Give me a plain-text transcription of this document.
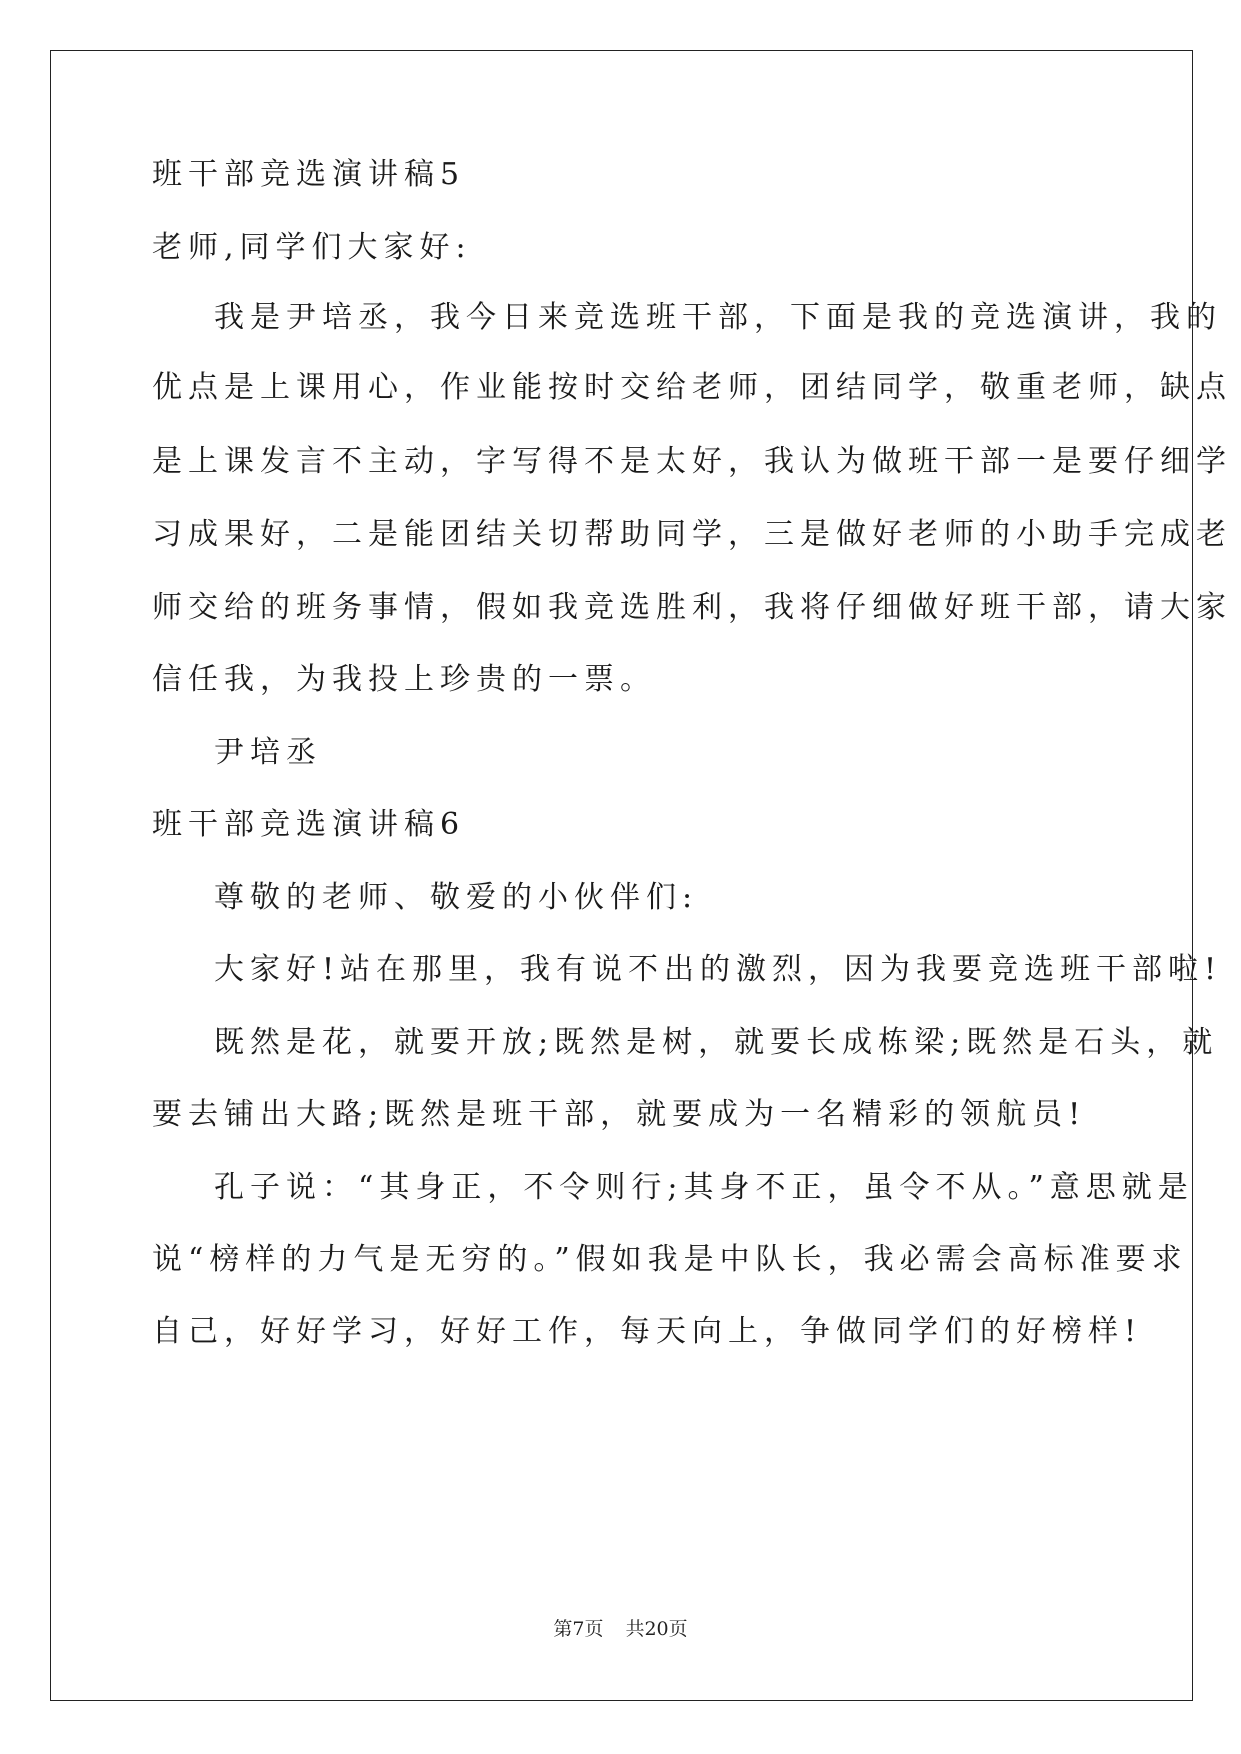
班干部竞选演讲稿5

老师,同学们大家好:

我是尹培丞，我今日来竞选班干部，下面是我的竞选演讲，我的

优点是上课用心，作业能按时交给老师，团结同学，敬重老师，缺点

是上课发言不主动，字写得不是太好，我认为做班干部一是要仔细学

习成果好，二是能团结关切帮助同学，三是做好老师的小助手完成老

师交给的班务事情，假如我竞选胜利，我将仔细做好班干部，请大家

信任我，为我投上珍贵的一票。

尹培丞

班干部竞选演讲稿6

尊敬的老师、敬爱的小伙伴们:

大家好!站在那里，我有说不出的激烈，因为我要竞选班干部啦!

既然是花，就要开放;既然是树，就要长成栋梁;既然是石头，就

要去铺出大路;既然是班干部，就要成为一名精彩的领航员!

孔子说：“其身正，不令则行;其身不正，虽令不从。”意思就是

说“榜样的力气是无穷的。”假如我是中队长，我必需会高标准要求

自己，好好学习，好好工作，每天向上，争做同学们的好榜样!

第7页 共20页
